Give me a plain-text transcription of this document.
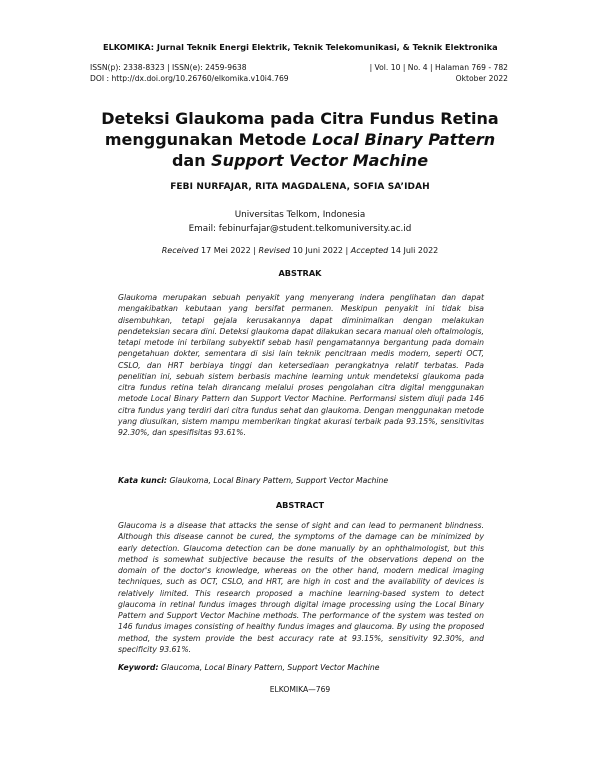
ELKOMIKA: Jurnal Teknik Energi Elektrik, Teknik Telekomunikasi, & Teknik Elektronika
ISSN(p): 2338-8323 | ISSN(e): 2459-9638
DOI : http://dx.doi.org/10.26760/elkomika.v10i4.769
| Vol. 10 | No. 4 | Halaman 769 - 782
Oktober 2022
Deteksi Glaukoma pada Citra Fundus Retina
menggunakan Metode Local Binary Pattern
dan Support Vector Machine
FEBI NURFAJAR, RITA MAGDALENA, SOFIA SA’IDAH
Universitas Telkom, Indonesia
Email: febinurfajar@student.telkomuniversity.ac.id
Received 17 Mei 2022 | Revised 10 Juni 2022 | Accepted 14 Juli 2022
ABSTRAK

Glaukoma merupakan sebuah penyakit yang menyerang indera penglihatan dan dapat mengakibatkan kebutaan yang bersifat permanen. Meskipun penyakit ini tidak bisa disembuhkan, tetapi gejala kerusakannya dapat diminimalkan dengan melakukan pendeteksian secara dini. Deteksi glaukoma dapat dilakukan secara manual oleh oftalmologis, tetapi metode ini terbilang subyektif sebab hasil pengamatannya bergantung pada domain pengetahuan dokter, sementara di sisi lain teknik pencitraan medis modern, seperti OCT, CSLO, dan HRT berbiaya tinggi dan ketersediaan perangkatnya relatif terbatas. Pada penelitian ini, sebuah sistem berbasis machine learning untuk mendeteksi glaukoma pada citra fundus retina telah dirancang melalui proses pengolahan citra digital menggunakan metode Local Binary Pattern dan Support Vector Machine. Performansi sistem diuji pada 146 citra fundus yang terdiri dari citra fundus sehat dan glaukoma. Dengan menggunakan metode yang diusulkan, sistem mampu memberikan tingkat akurasi terbaik pada 93.15%, sensitivitas 92.30%, dan spesifisitas 93.61%.

Kata kunci: Glaukoma, Local Binary Pattern, Support Vector Machine
ABSTRACT

Glaucoma is a disease that attacks the sense of sight and can lead to permanent blindness. Although this disease cannot be cured, the symptoms of the damage can be minimized by early detection. Glaucoma detection can be done manually by an ophthalmologist, but this method is somewhat subjective because the results of the observations depend on the domain of the doctor's knowledge, whereas on the other hand, modern medical imaging techniques, such as OCT, CSLO, and HRT, are high in cost and the availability of devices is relatively limited. This research proposed a machine learning-based system to detect glaucoma in retinal fundus images through digital image processing using the Local Binary Pattern and Support Vector Machine methods. The performance of the system was tested on 146 fundus images consisting of healthy fundus images and glaucoma. By using the proposed method, the system provide the best accuracy rate at 93.15%, sensitivity 92.30%, and specificity 93.61%.

Keyword: Glaucoma, Local Binary Pattern, Support Vector Machine
ELKOMIKA—769
